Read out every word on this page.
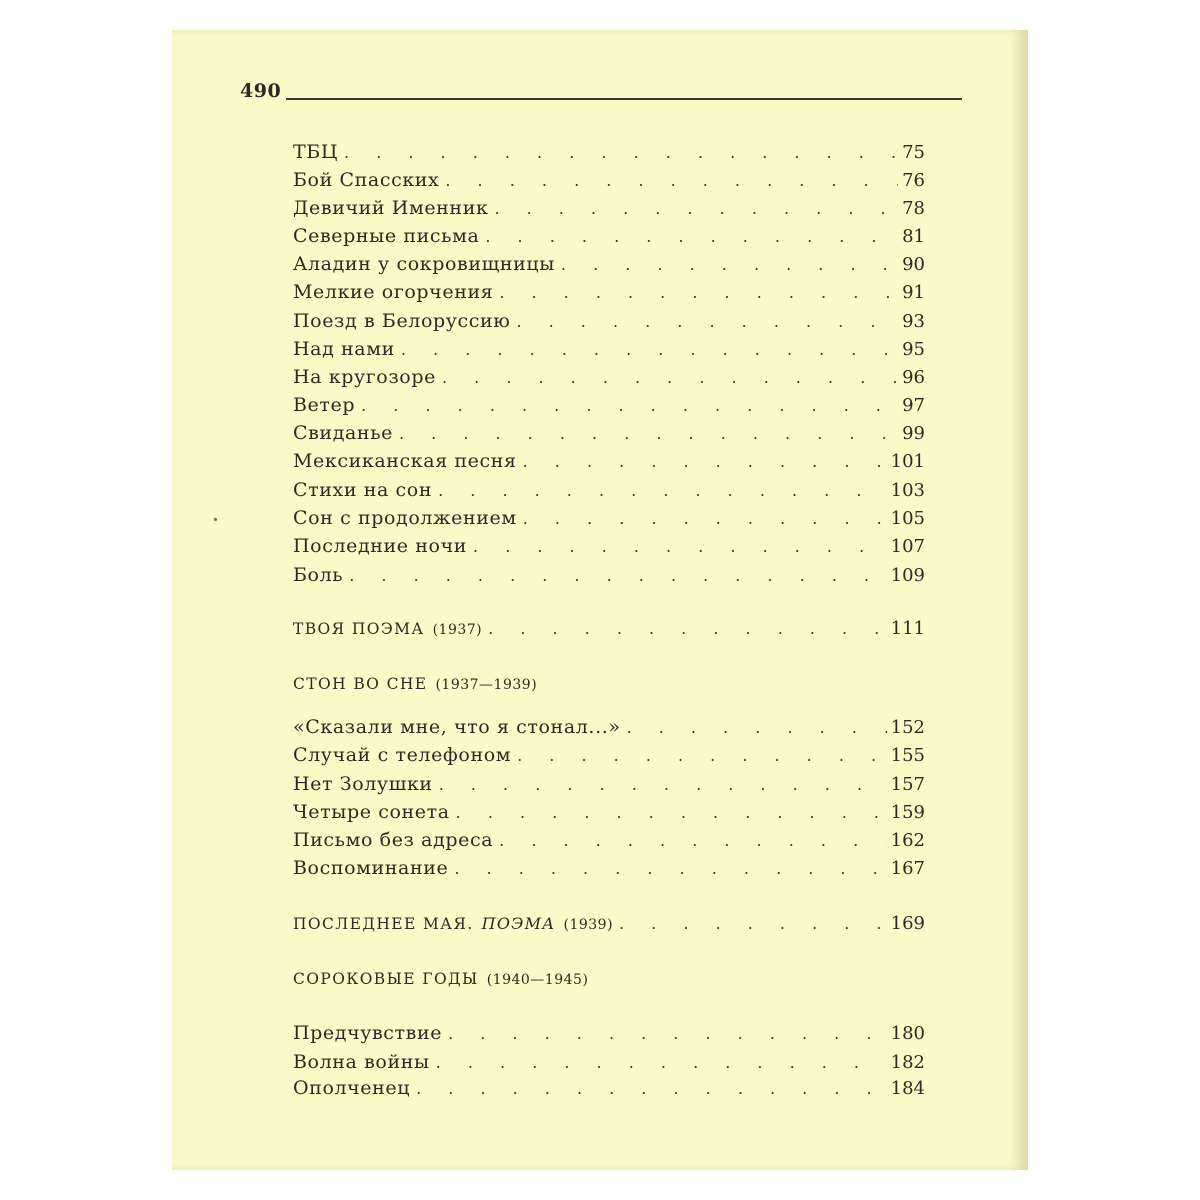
490
ТБЦ . . .	75
Бой Спасских . . .	76
Девичий Именник . . .	78
Северные письма . . .	81
Аладин у сокровищницы . . .	90
Мелкие огорчения . . .	91
Поезд в Белоруссию . . .	93
Над нами . . .	95
На кругозоре . . .	96
Ветер . . .	97
Свиданье . . .	99
Мексиканская песня . . .	101
Стихи на сон . . .	103
Сон с продолжением . . .	105
Последние ночи . . .	107
Боль . . .	109
ТВОЯ ПОЭМА (1937) . . .	111
СТОН ВО СНЕ (1937—1939)
«Сказали мне, что я стонал...» . . .	152
Случай с телефоном . . .	155
Нет Золушки . . .	157
Четыре сонета . . .	159
Письмо без адреса . . .	162
Воспоминание . . .	167
ПОСЛЕДНЕЕ МАЯ. ПОЭМА (1939) . . .	169
СОРОКОВЫЕ ГОДЫ (1940—1945)
Предчувствие . . .	180
Волна войны . . .	182
Ополченец . . .	184
